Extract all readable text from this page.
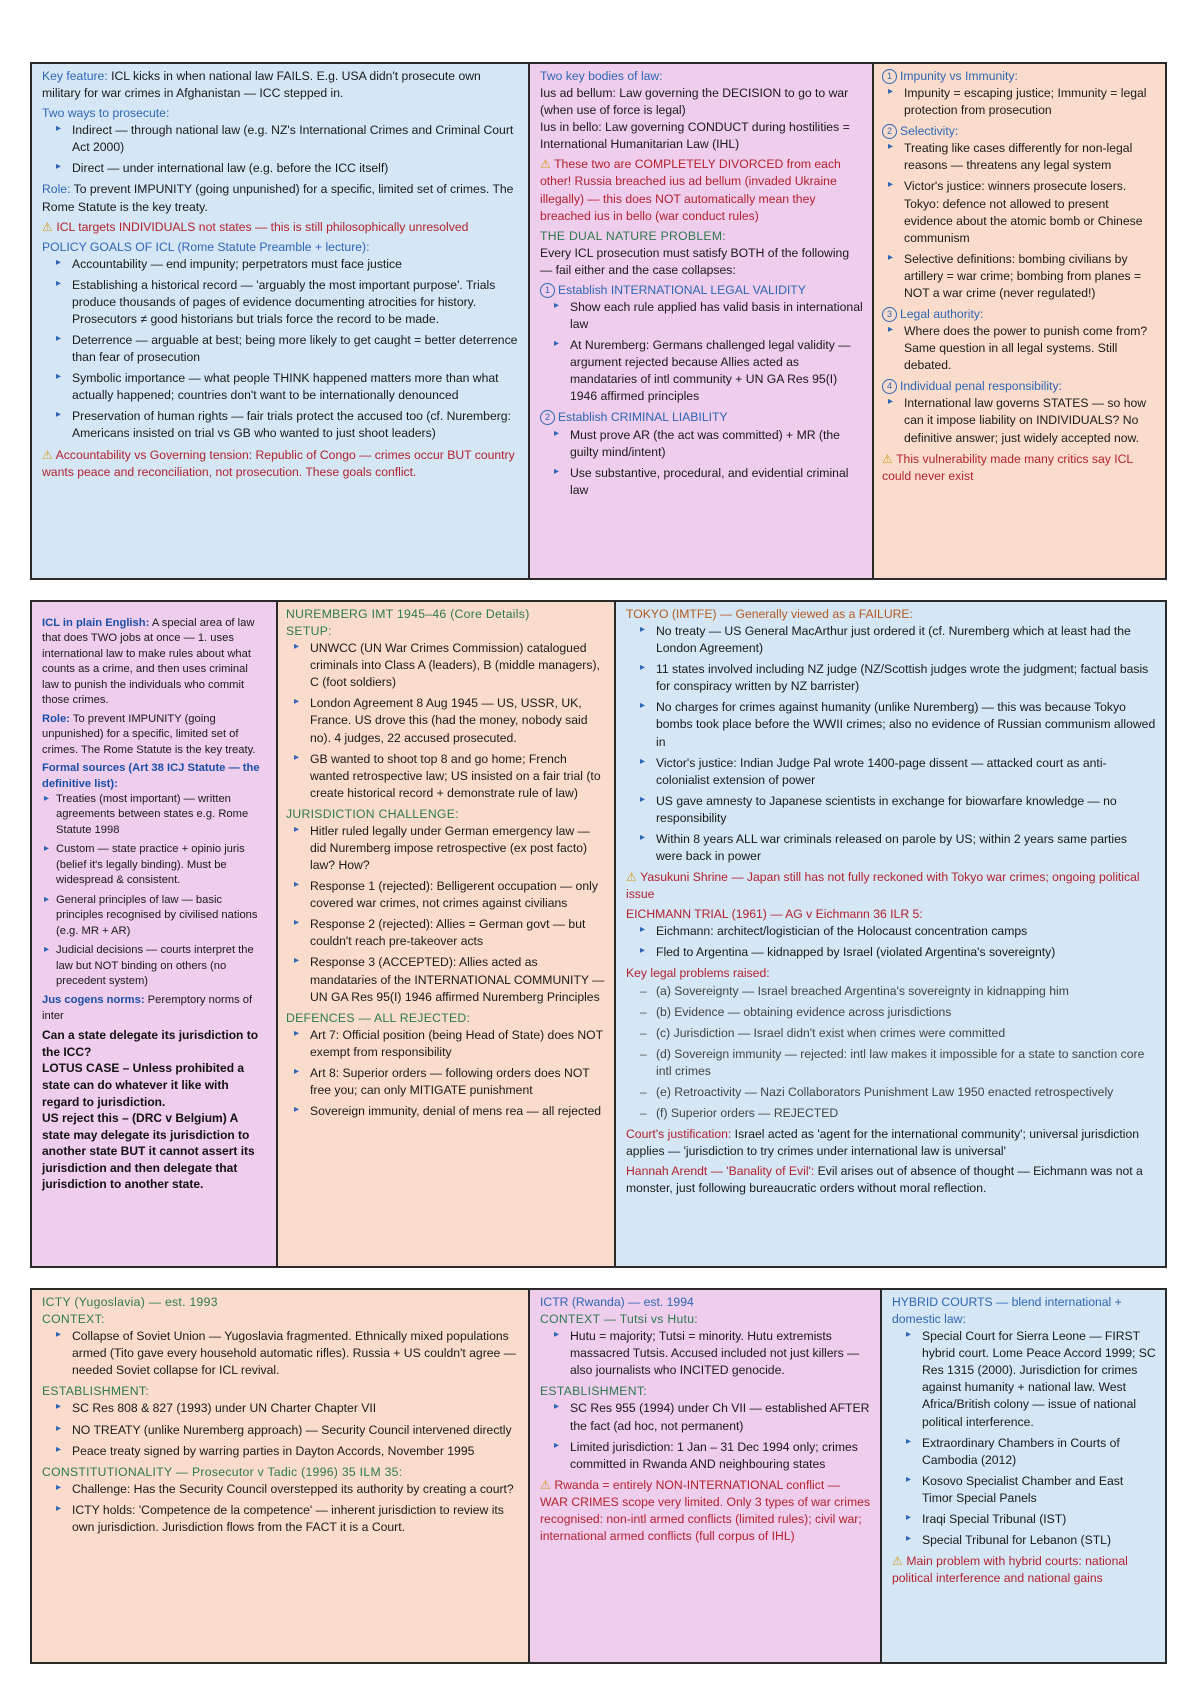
Key feature: ICL kicks in when national law FAILS. E.g. USA didn't prosecute own military for war crimes in Afghanistan — ICC stepped in.
Two ways to prosecute:
▸ Indirect — through national law (e.g. NZ's International Crimes and Criminal Court Act 2000)
▸ Direct — under international law (e.g. before the ICC itself)
Role: To prevent IMPUNITY (going unpunished) for a specific, limited set of crimes. The Rome Statute is the key treaty.
⚠ ICL targets INDIVIDUALS not states — this is still philosophically unresolved
POLICY GOALS OF ICL (Rome Statute Preamble + lecture):
▸ Accountability — end impunity; perpetrators must face justice
▸ Establishing a historical record — 'arguably the most important purpose'. Trials produce thousands of pages of evidence documenting atrocities for history. Prosecutors ≠ good historians but trials force the record to be made.
▸ Deterrence — arguable at best; being more likely to get caught = better deterrence than fear of prosecution
▸ Symbolic importance — what people THINK happened matters more than what actually happened; countries don't want to be internationally denounced
▸ Preservation of human rights — fair trials protect the accused too (cf. Nuremberg: Americans insisted on trial vs GB who wanted to just shoot leaders)
⚠ Accountability vs Governing tension: Republic of Congo — crimes occur BUT country wants peace and reconciliation, not prosecution. These goals conflict.
Two key bodies of law:
Ius ad bellum: Law governing the DECISION to go to war (when use of force is legal)
Ius in bello: Law governing CONDUCT during hostilities = International Humanitarian Law (IHL)
⚠ These two are COMPLETELY DIVORCED from each other! Russia breached ius ad bellum (invaded Ukraine illegally) — this does NOT automatically mean they breached ius in bello (war conduct rules)
THE DUAL NATURE PROBLEM:
Every ICL prosecution must satisfy BOTH of the following — fail either and the case collapses:
1 Establish INTERNATIONAL LEGAL VALIDITY
▸ Show each rule applied has valid basis in international law
▸ At Nuremberg: Germans challenged legal validity — argument rejected because Allies acted as mandataries of intl community + UN GA Res 95(I) 1946 affirmed principles
2 Establish CRIMINAL LIABILITY
▸ Must prove AR (the act was committed) + MR (the guilty mind/intent)
▸ Use substantive, procedural, and evidential criminal law
1 Impunity vs Immunity:
▸ Impunity = escaping justice; Immunity = legal protection from prosecution
2 Selectivity:
▸ Treating like cases differently for non-legal reasons — threatens any legal system
▸ Victor's justice: winners prosecute losers. Tokyo: defence not allowed to present evidence about the atomic bomb or Chinese communism
▸ Selective definitions: bombing civilians by artillery = war crime; bombing from planes = NOT a war crime (never regulated!)
3 Legal authority:
▸ Where does the power to punish come from? Same question in all legal systems. Still debated.
4 Individual penal responsibility:
▸ International law governs STATES — so how can it impose liability on INDIVIDUALS? No definitive answer; just widely accepted now.
⚠ This vulnerability made many critics say ICL could never exist
ICL in plain English: A special area of law that does TWO jobs at once — 1. uses international law to make rules about what counts as a crime, and then uses criminal law to punish the individuals who commit those crimes.
Role: To prevent IMPUNITY (going unpunished) for a specific, limited set of crimes. The Rome Statute is the key treaty.
Formal sources (Art 38 ICJ Statute — the definitive list):
▸ Treaties (most important) — written agreements between states e.g. Rome Statute 1998
▸ Custom — state practice + opinio juris (belief it's legally binding). Must be widespread & consistent.
▸ General principles of law — basic principles recognised by civilised nations (e.g. MR + AR)
▸ Judicial decisions — courts interpret the law but NOT binding on others (no precedent system)
Jus cogens norms: Peremptory norms of inter
Can a state delegate its jurisdiction to the ICC?
LOTUS CASE – Unless prohibited a state can do whatever it like with regard to jurisdiction.
US reject this – (DRC v Belgium) A state may delegate its jurisdiction to another state BUT it cannot assert its jurisdiction and then delegate that jurisdiction to another state.
NUREMBERG IMT 1945–46 (Core Details)
SETUP:
▸ UNWCC (UN War Crimes Commission) catalogued criminals into Class A (leaders), B (middle managers), C (foot soldiers)
▸ London Agreement 8 Aug 1945 — US, USSR, UK, France. US drove this (had the money, nobody said no). 4 judges, 22 accused prosecuted.
▸ GB wanted to shoot top 8 and go home; French wanted retrospective law; US insisted on a fair trial (to create historical record + demonstrate rule of law)
JURISDICTION CHALLENGE:
▸ Hitler ruled legally under German emergency law — did Nuremberg impose retrospective (ex post facto) law? How?
▸ Response 1 (rejected): Belligerent occupation — only covered war crimes, not crimes against civilians
▸ Response 2 (rejected): Allies = German govt — but couldn't reach pre-takeover acts
▸ Response 3 (ACCEPTED): Allies acted as mandataries of the INTERNATIONAL COMMUNITY — UN GA Res 95(I) 1946 affirmed Nuremberg Principles
DEFENCES — ALL REJECTED:
▸ Art 7: Official position (being Head of State) does NOT exempt from responsibility
▸ Art 8: Superior orders — following orders does NOT free you; can only MITIGATE punishment
▸ Sovereign immunity, denial of mens rea — all rejected
TOKYO (IMTFE) — Generally viewed as a FAILURE:
▸ No treaty — US General MacArthur just ordered it (cf. Nuremberg which at least had the London Agreement)
▸ 11 states involved including NZ judge (NZ/Scottish judges wrote the judgment; factual basis for conspiracy written by NZ barrister)
▸ No charges for crimes against humanity (unlike Nuremberg) — this was because Tokyo bombs took place before the WWII crimes; also no evidence of Russian communism allowed in
▸ Victor's justice: Indian Judge Pal wrote 1400-page dissent — attacked court as anti-colonialist extension of power
▸ US gave amnesty to Japanese scientists in exchange for biowarfare knowledge — no responsibility
▸ Within 8 years ALL war criminals released on parole by US; within 2 years same parties were back in power
⚠ Yasukuni Shrine — Japan still has not fully reckoned with Tokyo war crimes; ongoing political issue
EICHMANN TRIAL (1961) — AG v Eichmann 36 ILR 5:
▸ Eichmann: architect/logistician of the Holocaust concentration camps
▸ Fled to Argentina — kidnapped by Israel (violated Argentina's sovereignty)
Key legal problems raised:
– (a) Sovereignty — Israel breached Argentina's sovereignty in kidnapping him
– (b) Evidence — obtaining evidence across jurisdictions
– (c) Jurisdiction — Israel didn't exist when crimes were committed
– (d) Sovereign immunity — rejected: intl law makes it impossible for a state to sanction core intl crimes
– (e) Retroactivity — Nazi Collaborators Punishment Law 1950 enacted retrospectively
– (f) Superior orders — REJECTED
Court's justification: Israel acted as 'agent for the international community'; universal jurisdiction applies — 'jurisdiction to try crimes under international law is universal'
Hannah Arendt — 'Banality of Evil': Evil arises out of absence of thought — Eichmann was not a monster, just following bureaucratic orders without moral reflection.
ICTY (Yugoslavia) — est. 1993
CONTEXT:
▸ Collapse of Soviet Union — Yugoslavia fragmented. Ethnically mixed populations armed (Tito gave every household automatic rifles). Russia + US couldn't agree — needed Soviet collapse for ICL revival.
ESTABLISHMENT:
▸ SC Res 808 & 827 (1993) under UN Charter Chapter VII
▸ NO TREATY (unlike Nuremberg approach) — Security Council intervened directly
▸ Peace treaty signed by warring parties in Dayton Accords, November 1995
CONSTITUTIONALITY — Prosecutor v Tadic (1996) 35 ILM 35:
▸ Challenge: Has the Security Council overstepped its authority by creating a court?
▸ ICTY holds: 'Competence de la competence' — inherent jurisdiction to review its own jurisdiction. Jurisdiction flows from the FACT it is a Court.
ICTR (Rwanda) — est. 1994
CONTEXT — Tutsi vs Hutu:
▸ Hutu = majority; Tutsi = minority. Hutu extremists massacred Tutsis. Accused included not just killers — also journalists who INCITED genocide.
ESTABLISHMENT:
▸ SC Res 955 (1994) under Ch VII — established AFTER the fact (ad hoc, not permanent)
▸ Limited jurisdiction: 1 Jan – 31 Dec 1994 only; crimes committed in Rwanda AND neighbouring states
⚠ Rwanda = entirely NON-INTERNATIONAL conflict — WAR CRIMES scope very limited. Only 3 types of war crimes recognised: non-intl armed conflicts (limited rules); civil war; international armed conflicts (full corpus of IHL)
HYBRID COURTS — blend international + domestic law:
▸ Special Court for Sierra Leone — FIRST hybrid court. Lome Peace Accord 1999; SC Res 1315 (2000). Jurisdiction for crimes against humanity + national law. West Africa/British colony — issue of national political interference.
▸ Extraordinary Chambers in Courts of Cambodia (2012)
▸ Kosovo Specialist Chamber and East Timor Special Panels
▸ Iraqi Special Tribunal (IST)
▸ Special Tribunal for Lebanon (STL)
⚠ Main problem with hybrid courts: national political interference and national gains
